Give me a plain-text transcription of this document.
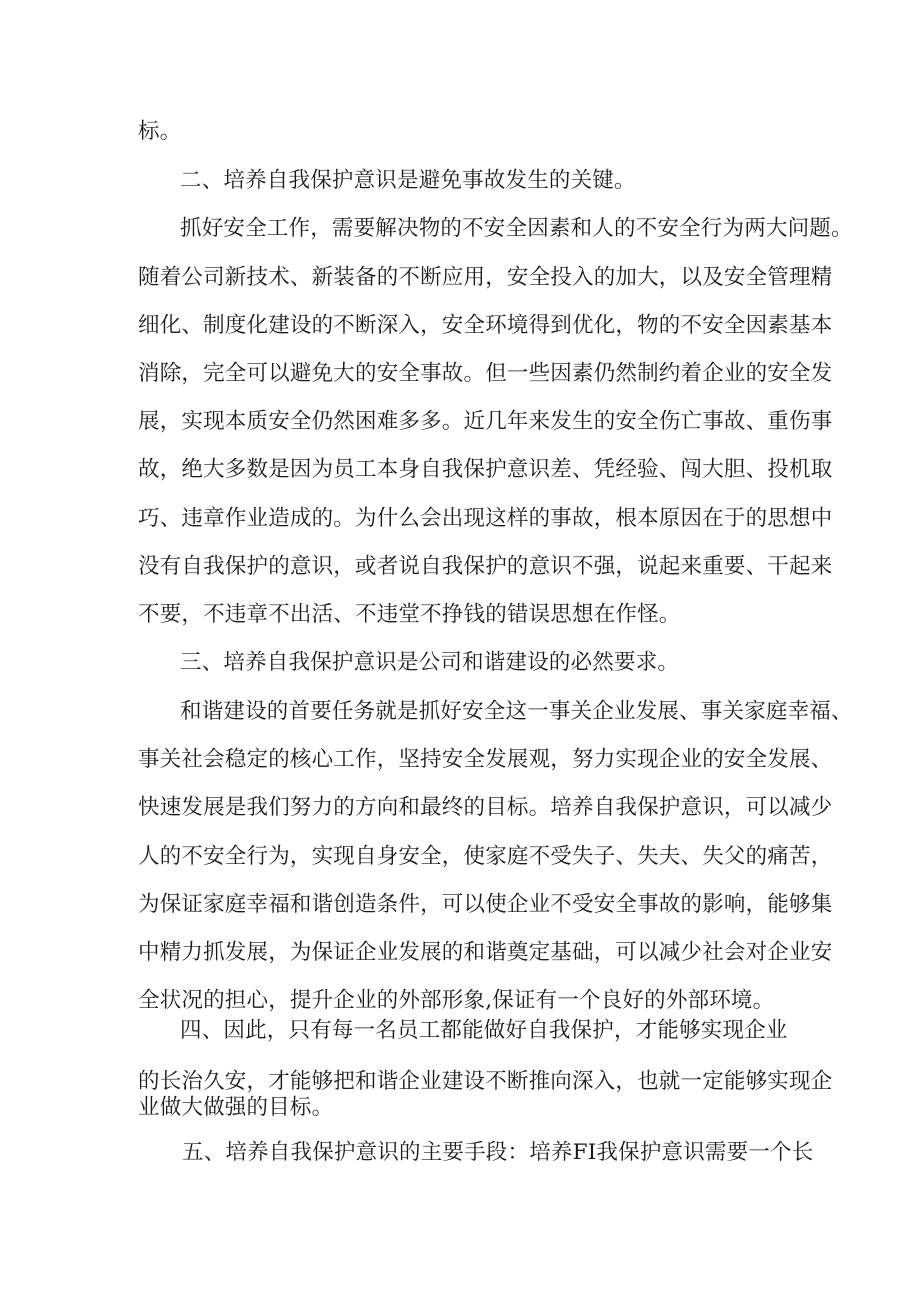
标。
二、培养自我保护意识是避免事故发生的关键。
抓好安全工作，需要解决物的不安全因素和人的不安全行为两大问题。
随着公司新技术、新装备的不断应用，安全投入的加大，以及安全管理精
细化、制度化建设的不断深入，安全环境得到优化，物的不安全因素基本
消除，完全可以避免大的安全事故。但一些因素仍然制约着企业的安全发
展，实现本质安全仍然困难多多。近几年来发生的安全伤亡事故、重伤事
故，绝大多数是因为员工本身自我保护意识差、凭经验、闯大胆、投机取
巧、违章作业造成的。为什么会出现这样的事故，根本原因在于的思想中
没有自我保护的意识，或者说自我保护的意识不强，说起来重要、干起来
不要，不违章不出活、不违堂不挣钱的错误思想在作怪。
三、培养自我保护意识是公司和谐建设的必然要求。
和谐建设的首要任务就是抓好安全这一事关企业发展、事关家庭幸福、
事关社会稳定的核心工作，坚持安全发展观，努力实现企业的安全发展、
快速发展是我们努力的方向和最终的目标。培养自我保护意识，可以减少
人的不安全行为，实现自身安全，使家庭不受失子、失夫、失父的痛苦，
为保证家庭幸福和谐创造条件，可以使企业不受安全事故的影响，能够集
中精力抓发展，为保证企业发展的和谐奠定基础，可以减少社会对企业安
全状况的担心，提升企业的外部形象,保证有一个良好的外部环境。
四、因此，只有每一名员工都能做好自我保护，才能够实现企业
的长治久安，才能够把和谐企业建设不断推向深入，也就一定能够实现企
业做大做强的目标。
五、培养自我保护意识的主要手段：培养FI我保护意识需要一个长
